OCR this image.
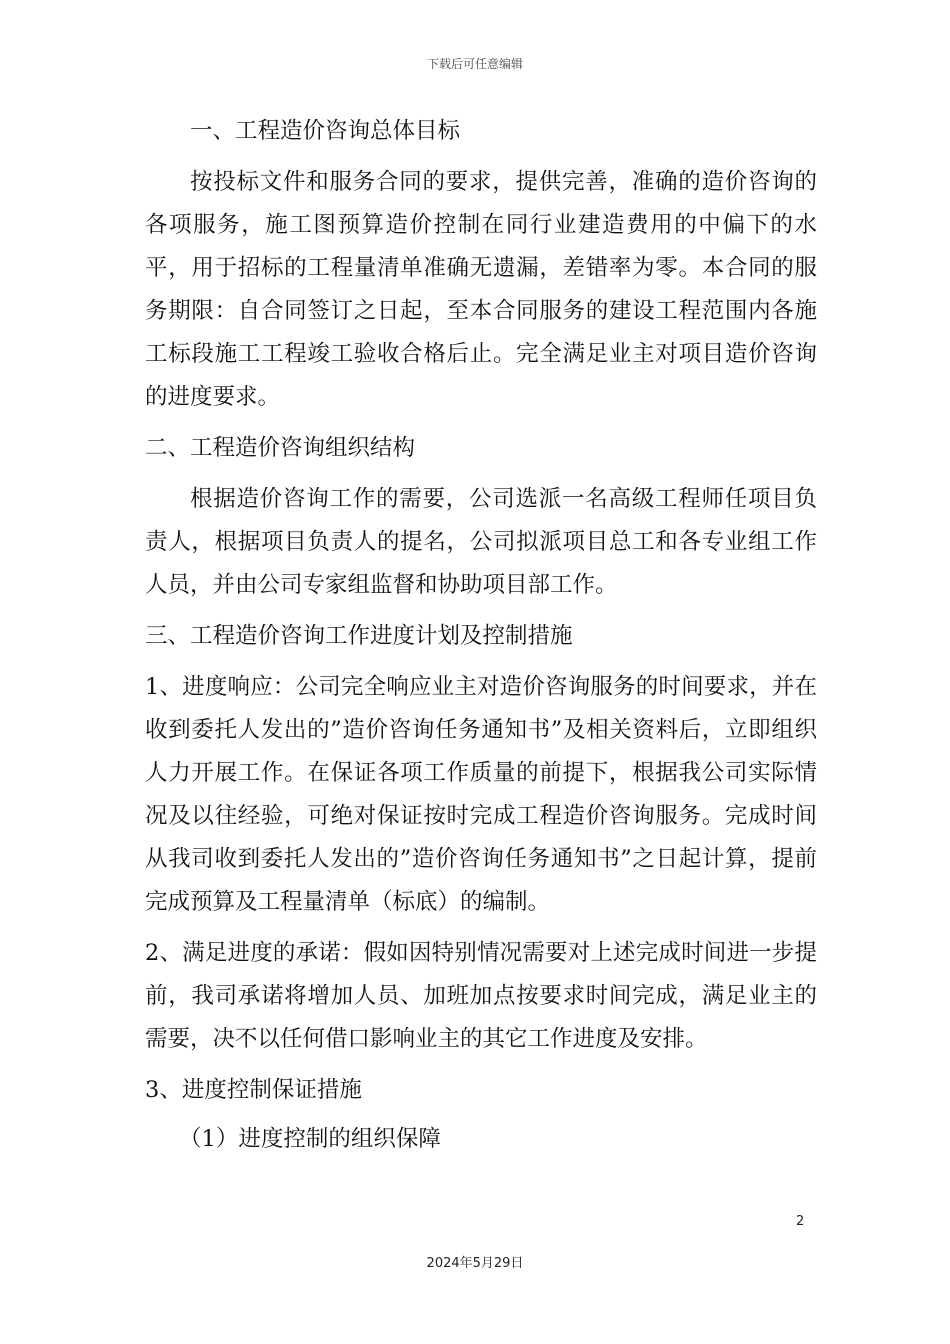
下载后可任意编辑

一、工程造价咨询总体目标

按投标文件和服务合同的要求，提供完善，准确的造价咨询的各项服务，施工图预算造价控制在同行业建造费用的中偏下的水平，用于招标的工程量清单准确无遗漏，差错率为零。本合同的服务期限：自合同签订之日起，至本合同服务的建设工程范围内各施工标段施工工程竣工验收合格后止。完全满足业主对项目造价咨询的进度要求。

二、工程造价咨询组织结构

根据造价咨询工作的需要，公司选派一名高级工程师任项目负责人，根据项目负责人的提名，公司拟派项目总工和各专业组工作人员，并由公司专家组监督和协助项目部工作。

三、工程造价咨询工作进度计划及控制措施

1、进度响应：公司完全响应业主对造价咨询服务的时间要求，并在收到委托人发出的”造价咨询任务通知书”及相关资料后，立即组织人力开展工作。在保证各项工作质量的前提下，根据我公司实际情况及以往经验，可绝对保证按时完成工程造价咨询服务。完成时间从我司收到委托人发出的”造价咨询任务通知书”之日起计算，提前完成预算及工程量清单（标底）的编制。

2、满足进度的承诺：假如因特别情况需要对上述完成时间进一步提前，我司承诺将增加人员、加班加点按要求时间完成，满足业主的需要，决不以任何借口影响业主的其它工作进度及安排。

3、进度控制保证措施

（1）进度控制的组织保障

2
2024年5月29日
